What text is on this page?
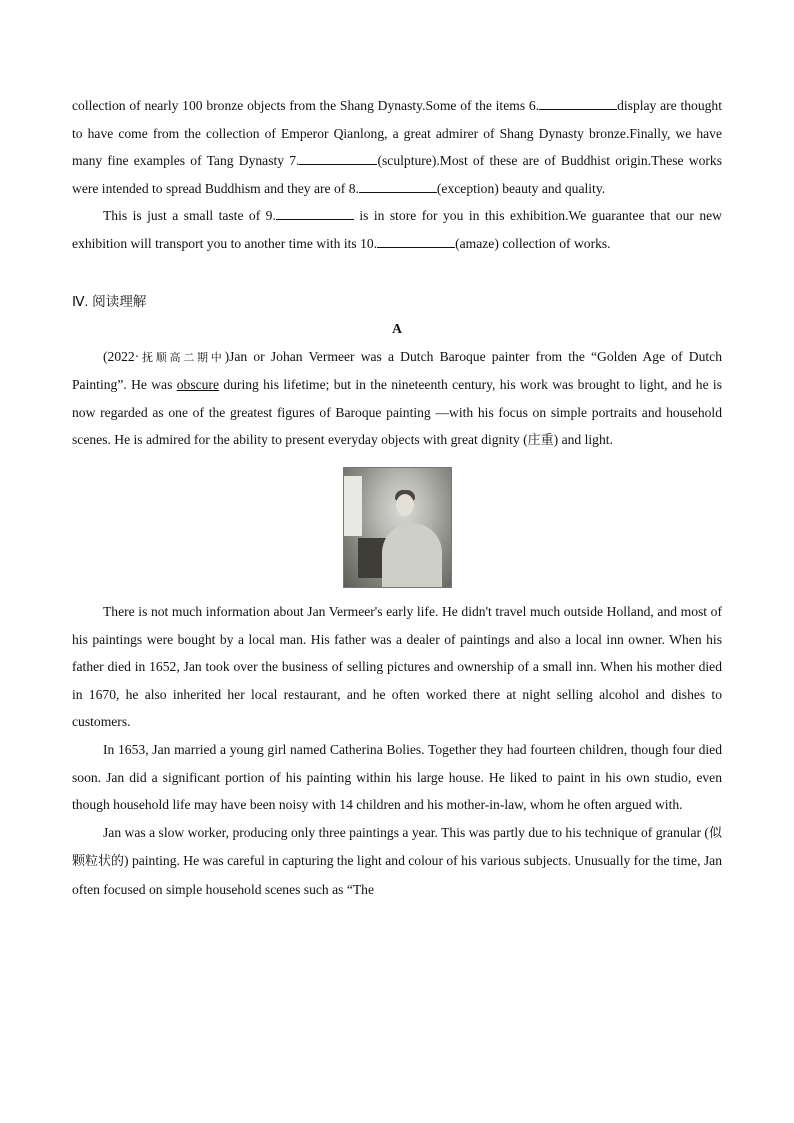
collection of nearly 100 bronze objects from the Shang Dynasty.Some of the items 6.	display are thought to have come from the collection of Emperor Qianlong, a great admirer of Shang Dynasty bronze.Finally, we have many fine examples of Tang Dynasty 7.	(sculpture).Most of these are of Buddhist origin.These works were intended to spread Buddhism and they are of 8.	(exception) beauty and quality.

This is just a small taste of 9.	is in store for you in this exhibition.We guarantee that our new exhibition will transport you to another time with its 10.	(amaze) collection of works.

Ⅳ. 阅读理解
A

(2022·抚顺高二期中)Jan or Johan Vermeer was a Dutch Baroque painter from the “Golden Age of Dutch Painting”. He was obscure during his lifetime; but in the nineteenth century, his work was brought to light, and he is now regarded as one of the greatest figures of Baroque painting —with his focus on simple portraits and household scenes. He is admired for the ability to present everyday objects with great dignity (庄重) and light.

There is not much information about Jan Vermeer's early life. He didn't travel much outside Holland, and most of his paintings were bought by a local man. His father was a dealer of paintings and also a local inn owner. When his father died in 1652, Jan took over the business of selling pictures and ownership of a small inn. When his mother died in 1670, he also inherited her local restaurant, and he often worked there at night selling alcohol and dishes to customers.

In 1653, Jan married a young girl named Catherina Bolies. Together they had fourteen children, though four died soon. Jan did a significant portion of his painting within his large house. He liked to paint in his own studio, even though household life may have been noisy with 14 children and his mother-in-law, whom he often argued with.

Jan was a slow worker, producing only three paintings a year. This was partly due to his technique of granular (似颗粒状的) painting. He was careful in capturing the light and colour of his various subjects. Unusually for the time, Jan often focused on simple household scenes such as “The
